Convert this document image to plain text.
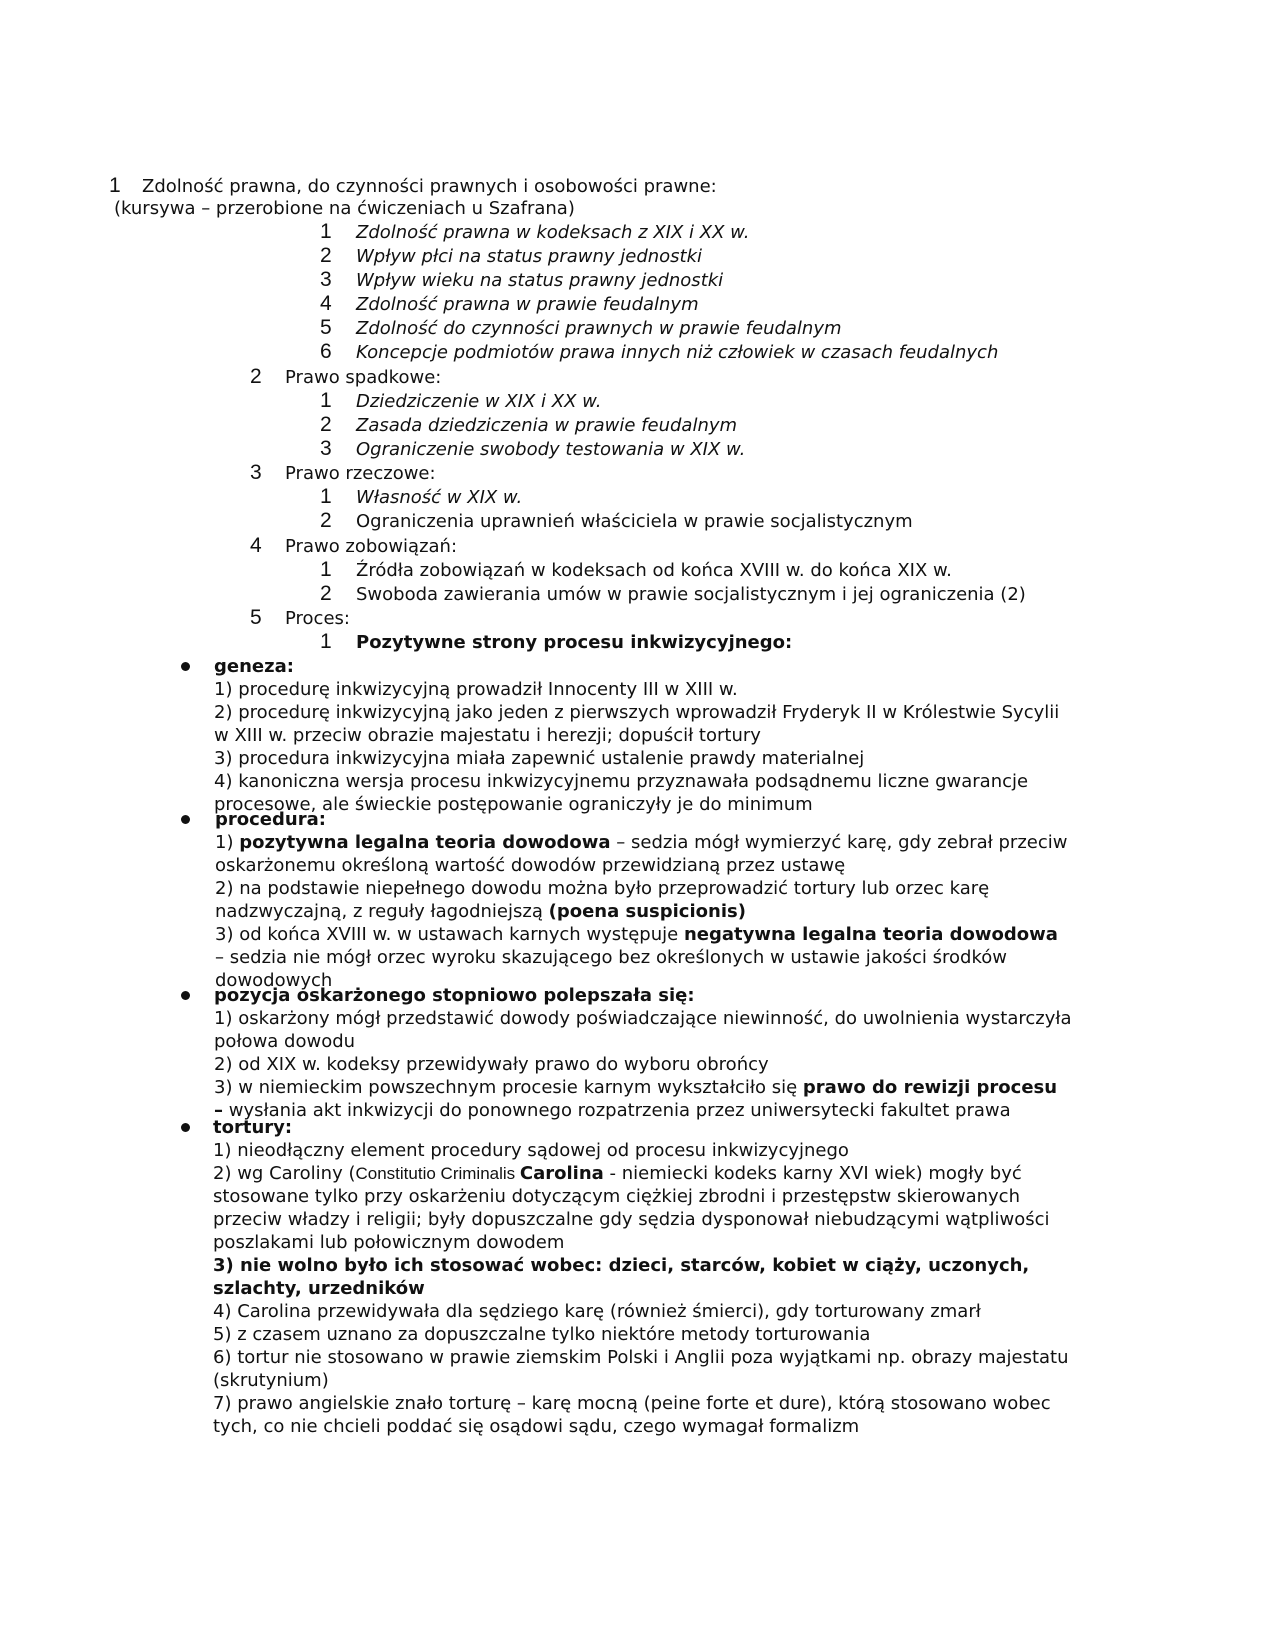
1 Zdolność prawna, do czynności prawnych i osobowości prawne:
(kursywa – przerobione na ćwiczeniach u Szafrana)
1 Zdolność prawna w kodeksach z XIX i XX w.
2 Wpływ płci na status prawny jednostki
3 Wpływ wieku na status prawny jednostki
4 Zdolność prawna w prawie feudalnym
5 Zdolność do czynności prawnych w prawie feudalnym
6 Koncepcje podmiotów prawa innych niż człowiek w czasach feudalnych
2 Prawo spadkowe:
1 Dziedziczenie w XIX i XX w.
2 Zasada dziedziczenia w prawie feudalnym
3 Ograniczenie swobody testowania w XIX w.
3 Prawo rzeczowe:
1 Własność w XIX w.
2 Ograniczenia uprawnień właściciela w prawie socjalistycznym
4 Prawo zobowiązań:
1 Źródła zobowiązań w kodeksach od końca XVIII w. do końca XIX w.
2 Swoboda zawierania umów w prawie socjalistycznym i jej ograniczenia (2)
5 Proces:
1 Pozytywne strony procesu inkwizycyjnego:
geneza:
1) procedurę inkwizycyjną prowadził Innocenty III w XIII w.
2) procedurę inkwizycyjną jako jeden z pierwszych wprowadził Fryderyk II w Królestwie Sycylii
w XIII w. przeciw obrazie majestatu i herezji; dopuścił tortury
3) procedura inkwizycyjna miała zapewnić ustalenie prawdy materialnej
4) kanoniczna wersja procesu inkwizycyjnemu przyznawała podsądnemu liczne gwarancje
procesowe, ale świeckie postępowanie ograniczyły je do minimum
procedura:
1) pozytywna legalna teoria dowodowa – sedzia mógł wymierzyć karę, gdy zebrał przeciw
oskarżonemu określoną wartość dowodów przewidzianą przez ustawę
2) na podstawie niepełnego dowodu można było przeprowadzić tortury lub orzec karę
nadzwyczajną, z reguły łagodniejszą (poena suspicionis)
3) od końca XVIII w. w ustawach karnych występuje negatywna legalna teoria dowodowa
– sedzia nie mógł orzec wyroku skazującego bez określonych w ustawie jakości środków
dowodowych
pozycja oskarżonego stopniowo polepszała się:
1) oskarżony mógł przedstawić dowody poświadczające niewinność, do uwolnienia wystarczyła
połowa dowodu
2) od XIX w. kodeksy przewidywały prawo do wyboru obrońcy
3) w niemieckim powszechnym procesie karnym wykształciło się prawo do rewizji procesu
– wysłania akt inkwizycji do ponownego rozpatrzenia przez uniwersytecki fakultet prawa
tortury:
1) nieodłączny element procedury sądowej od procesu inkwizycyjnego
2) wg Caroliny (Constitutio Criminalis Carolina - niemiecki kodeks karny XVI wiek) mogły być
stosowane tylko przy oskarżeniu dotyczącym ciężkiej zbrodni i przestępstw skierowanych
przeciw władzy i religii; były dopuszczalne gdy sędzia dysponował niebudzącymi wątpliwości
poszlakami lub połowicznym dowodem
3) nie wolno było ich stosować wobec: dzieci, starców, kobiet w ciąży, uczonych,
szlachty, urzedników
4) Carolina przewidywała dla sędziego karę (również śmierci), gdy torturowany zmarł
5) z czasem uznano za dopuszczalne tylko niektóre metody torturowania
6) tortur nie stosowano w prawie ziemskim Polski i Anglii poza wyjątkami np. obrazy majestatu
(skrutynium)
7) prawo angielskie znało torturę – karę mocną (peine forte et dure), którą stosowano wobec
tych, co nie chcieli poddać się osądowi sądu, czego wymagał formalizm
